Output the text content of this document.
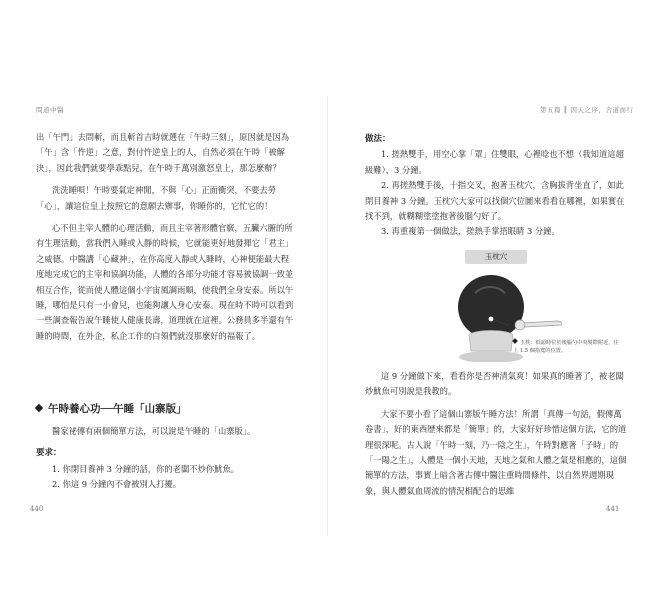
問道中醫	第五篇 ║ 因天之序，合道而行

出「午門」去問斬，而且斬首吉時就選在「午時三刻」，原因就是因為「午」含「忤逆」之意，對付忤逆皇上的人，自然必須在午時「被解決」，因此我們就要學乖點兒，在午時千萬別激怒皇上，那怎麼辦？

洗洗睡唄！午時要氣定神閒，不與「心」正面衝突，不要去勞「心」，讓這位皇上按照它的意願去辦事，你睡你的，它忙它的！

心不但主宰人體的心理活動，而且主宰著形體官竅，五臟六腑的所有生理活動，當我們入睡或入靜的時候，它就能更好地發揮它「君主」之威德。中醫講「心藏神」，在你高度入靜或入睡時，心神便能最大程度地完成它的主宰和協調功能，人體的各部分功能才容易被協調一致並相互合作，從而使人體這個小宇宙風調雨順，使我們全身安泰。所以午睡，哪怕是只有一小會兒，也能夠讓人身心安泰。現在時不時可以看到一些調查報告說午睡使人健康長壽，道理就在這裡。公務員多半還有午睡的時間，在外企，私企工作的白領們就沒那麼好的福報了。

午時養心功──午睡「山寨版」

醫家祕傳有兩個簡單方法，可以說是午睡的「山寨版」。

要求：

1. 你閉目養神 3 分鐘的話，你的老闆不炒你魷魚。

2. 你這 9 分鐘內不會被別人打擾。

做法：

1. 搓熱雙手，用空心掌「罩」住雙眼，心裡唸也不想（我知道這超級難），3 分鐘。

2. 再搓熱雙手後，十指交叉，抱著玉枕穴，含胸拔背坐直了，如此閉目養神 3 分鐘。玉枕穴大家可以找個穴位圖來看看在哪裡，如果實在找不到，就糊糊塗塗抱著後腦勺好了。

3. 再重複第一個做法，搓熱手掌捂眼睛 3 分鐘。

玉枕穴
玉枕：低頭時位於後腦勺中央髮際附近，往上 1.5 個指寬的位置。

這 9 分鐘做下來，看看你是否神清氣爽！如果真的睡著了，被老闆炒魷魚可別說是我教的。

大家不要小看了這個山寨版午睡方法！所謂「真傳一句話，假傳萬卷書」，好的東西歷來都是「簡單」的，大家好好珍惜這個方法，它的道理很深呢。古人說「午時一刻，乃一陰之生」，午時對應著「子時」的「一陽之生」，人體是一個小天地，天地之氣和人體之氣是相應的，這個簡單的方法，事實上暗含著古傳中醫注重時間條件，以自然界週期現象，與人體氣血周流的情況相配合的思維

440	441
